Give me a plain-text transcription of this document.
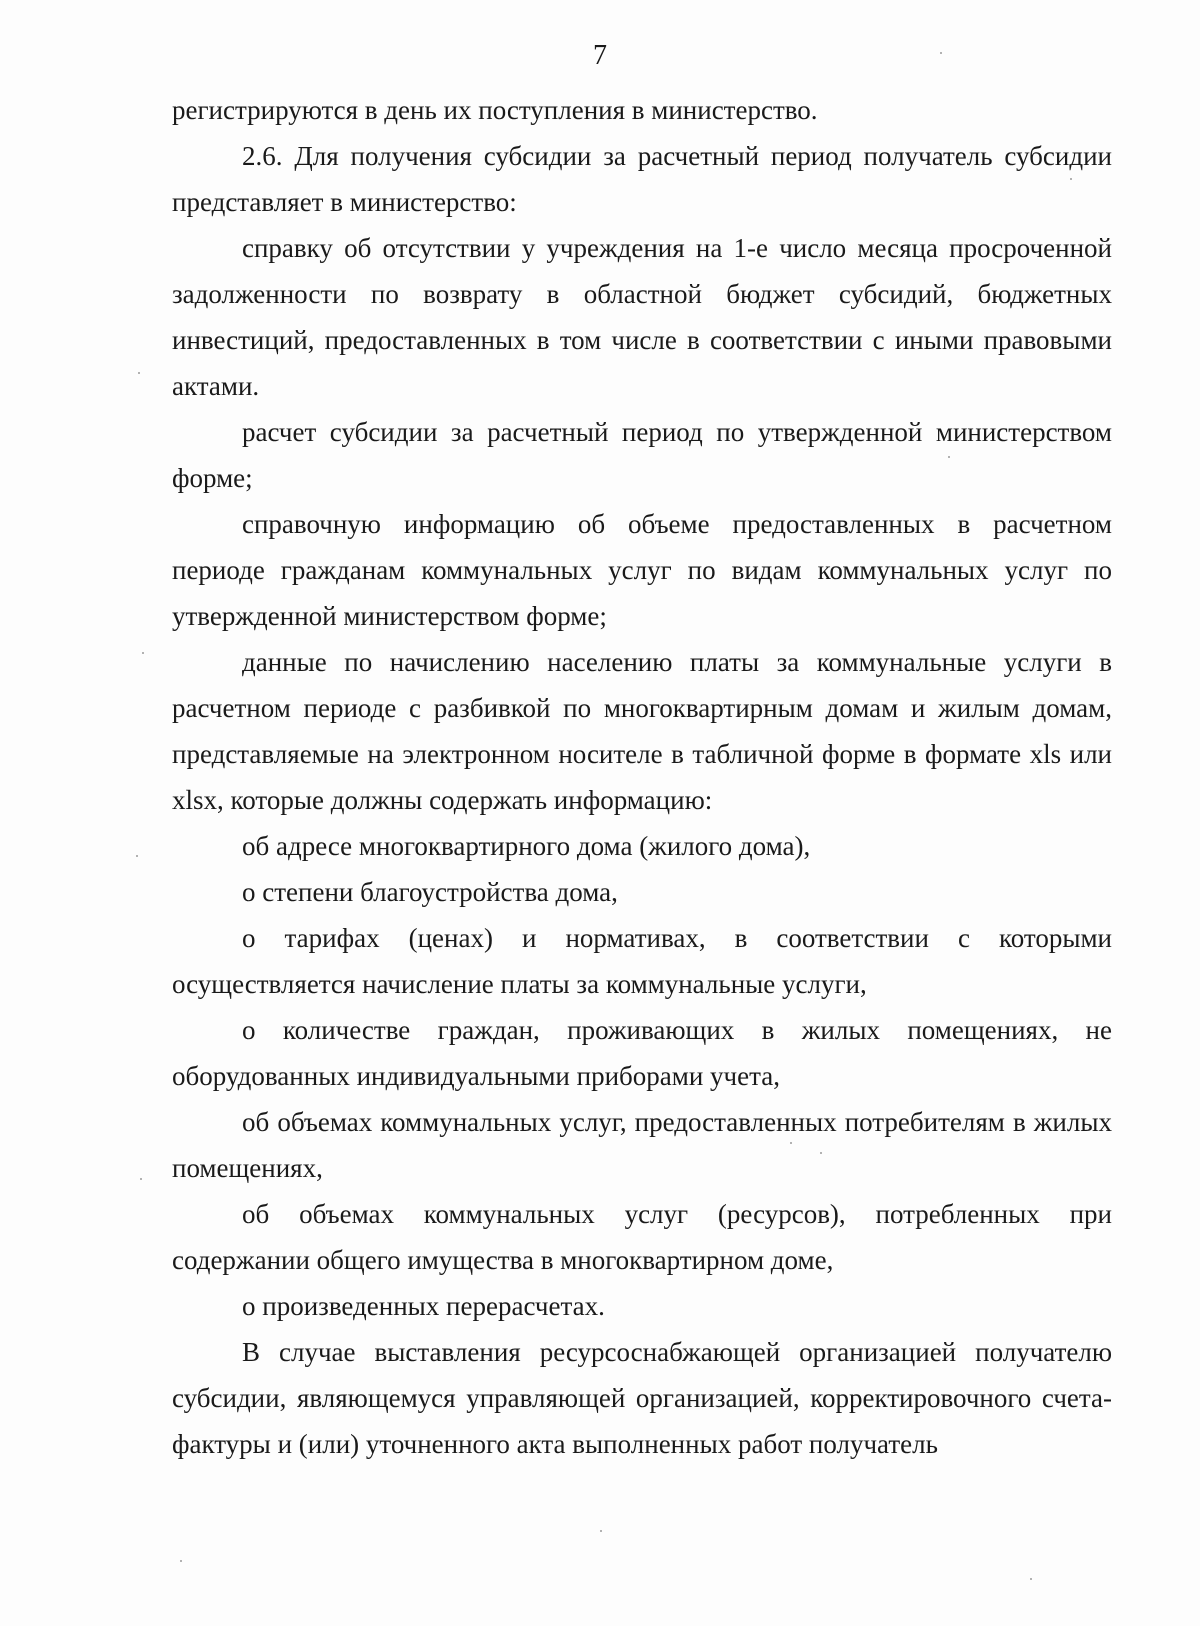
7

регистрируются в день их поступления в министерство.

2.6. Для получения субсидии за расчетный период получатель субсидии представляет в министерство:

справку об отсутствии у учреждения на 1-е число месяца просроченной задолженности по возврату в областной бюджет субсидий, бюджетных инвестиций, предоставленных в том числе в соответствии с иными правовыми актами.

расчет субсидии за расчетный период по утвержденной министерством форме;

справочную информацию об объеме предоставленных в расчетном периоде гражданам коммунальных услуг по видам коммунальных услуг по утвержденной министерством форме;

данные по начислению населению платы за коммунальные услуги в расчетном периоде с разбивкой по многоквартирным домам и жилым домам, представляемые на электронном носителе в табличной форме в формате xls или xlsx, которые должны содержать информацию:

об адресе многоквартирного дома (жилого дома),

о степени благоустройства дома,

о тарифах (ценах) и нормативах, в соответствии с которыми осуществляется начисление платы за коммунальные услуги,

о количестве граждан, проживающих в жилых помещениях, не оборудованных индивидуальными приборами учета,

об объемах коммунальных услуг, предоставленных потребителям в жилых помещениях,

об объемах коммунальных услуг (ресурсов), потребленных при содержании общего имущества в многоквартирном доме,

о произведенных перерасчетах.

В случае выставления ресурсоснабжающей организацией получателю субсидии, являющемуся управляющей организацией, корректировочного счета-фактуры и (или) уточненного акта выполненных работ получатель
